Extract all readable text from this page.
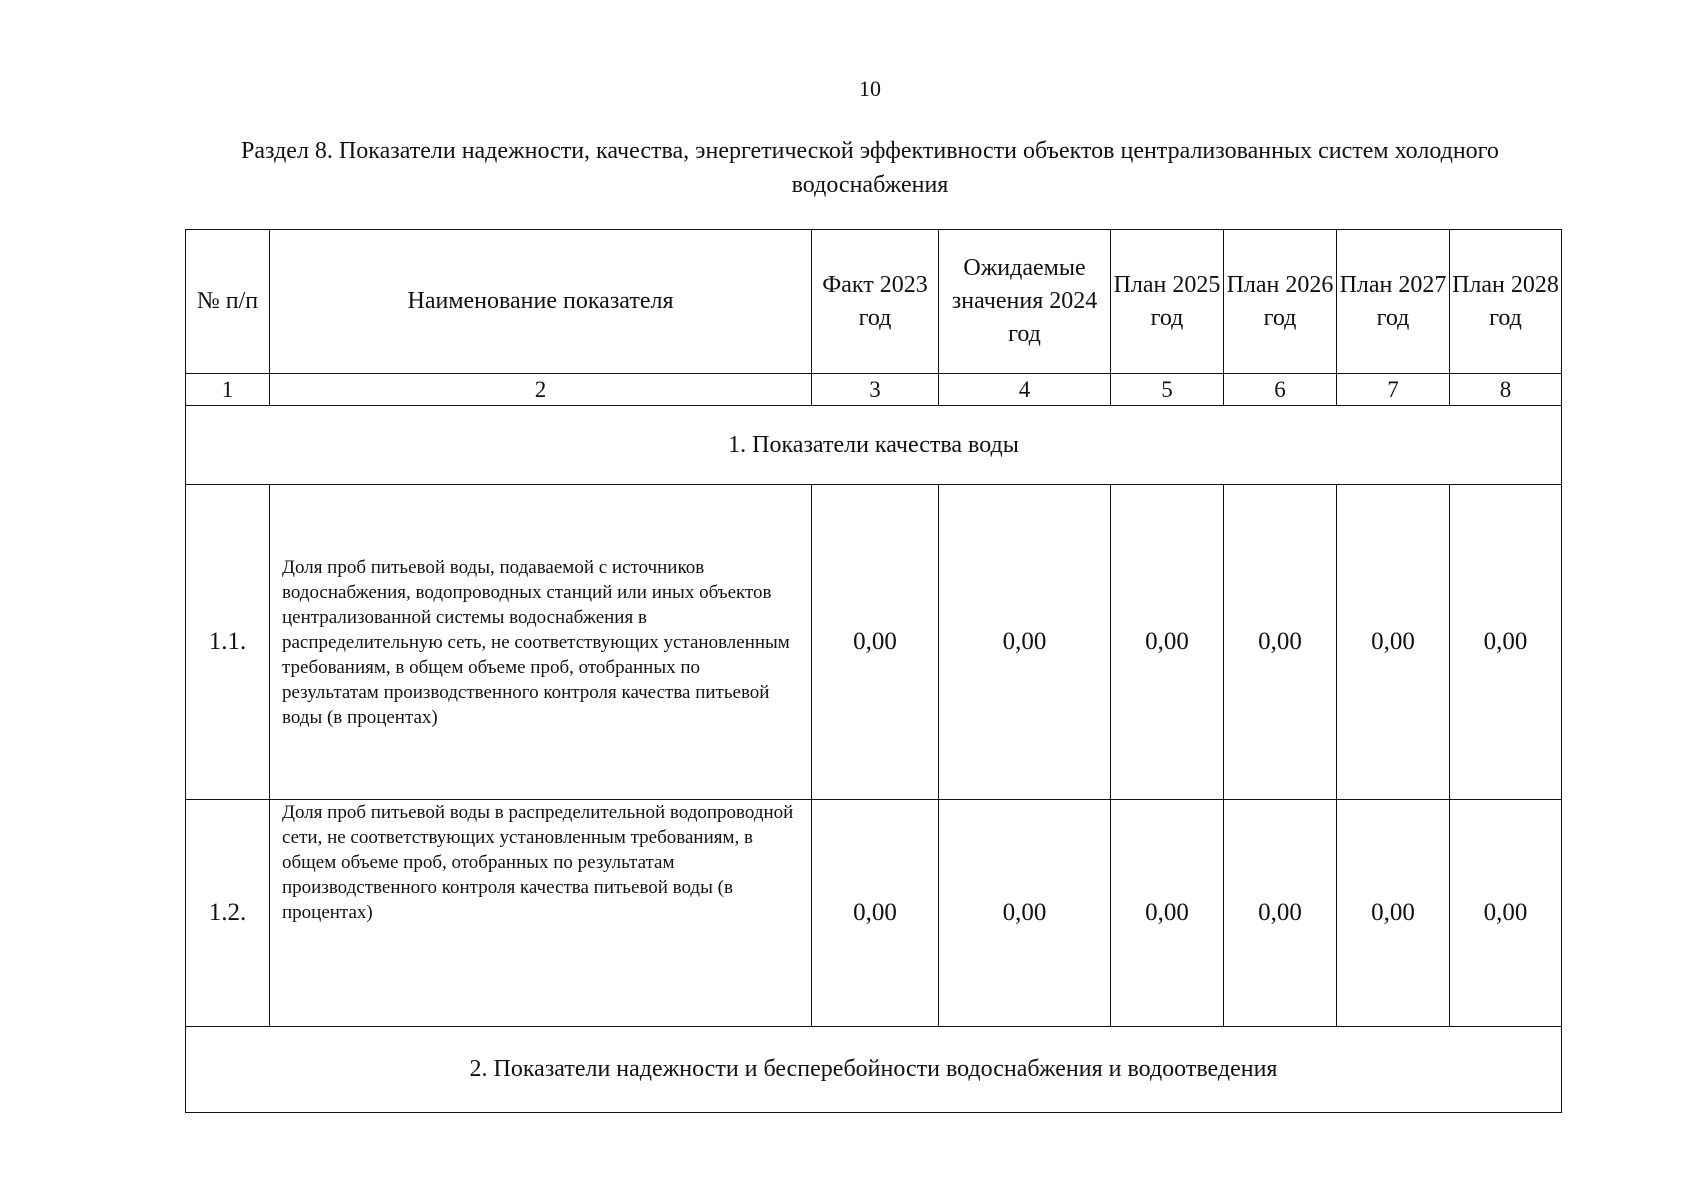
10
Раздел 8. Показатели надежности, качества, энергетической эффективности объектов централизованных систем холодного
водоснабжения
№ п/п	Наименование показателя	Факт 2023 год	Ожидаемые значения 2024 год	План 2025 год	План 2026 год	План 2027 год	План 2028 год
1	2	3	4	5	6	7	8
1. Показатели качества воды							
1.1.	Доля проб питьевой воды, подаваемой с источников водоснабжения, водопроводных станций или иных объектов централизованной системы водоснабжения в распределительную сеть, не соответствующих установленным требованиям, в общем объеме проб, отобранных по результатам производственного контроля качества питьевой воды (в процентах)	0,00	0,00	0,00	0,00	0,00	0,00
1.2.	Доля проб питьевой воды в распределительной водопроводной сети, не соответствующих установленным требованиям, в общем объеме проб, отобранных по результатам производственного контроля качества питьевой воды (в процентах)	0,00	0,00	0,00	0,00	0,00	0,00
2. Показатели надежности и бесперебойности водоснабжения и водоотведения							
